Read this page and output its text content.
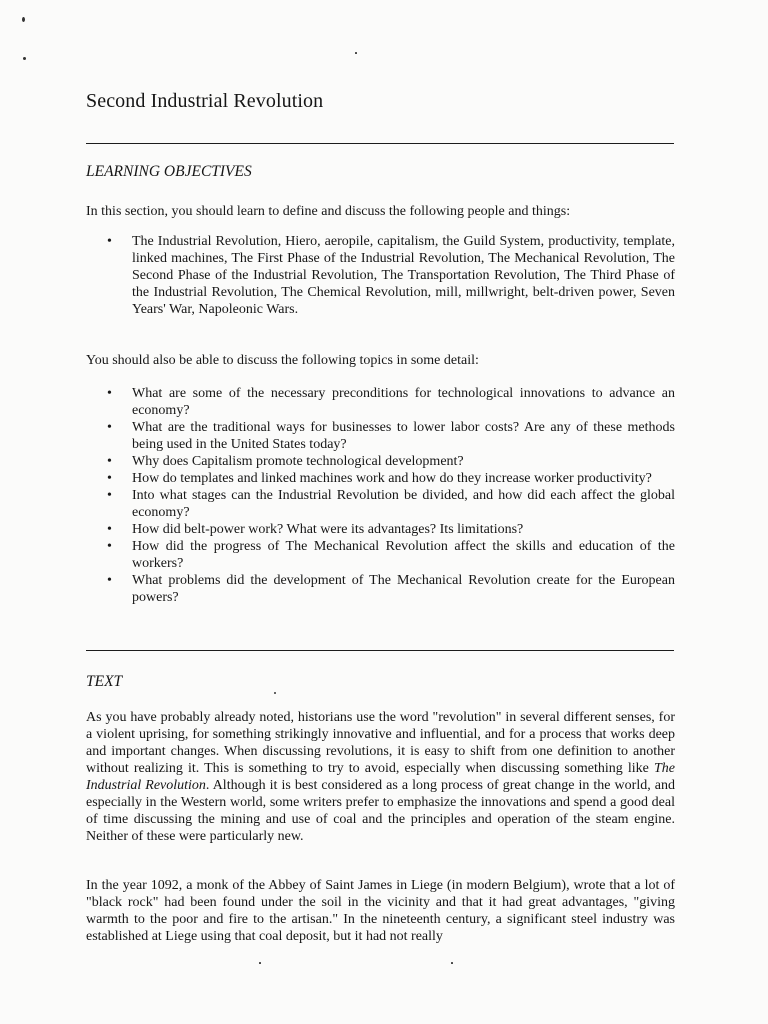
Second Industrial Revolution
LEARNING OBJECTIVES

In this section, you should learn to define and discuss the following people and things:

• The Industrial Revolution, Hiero, aeropile, capitalism, the Guild System, productivity, template, linked machines, The First Phase of the Industrial Revolution, The Mechanical Revolution, The Second Phase of the Industrial Revolution, The Transportation Revolution, The Third Phase of the Industrial Revolution, The Chemical Revolution, mill, millwright, belt-driven power, Seven Years' War, Napoleonic Wars.

You should also be able to discuss the following topics in some detail:

• What are some of the necessary preconditions for technological innovations to advance an economy?
• What are the traditional ways for businesses to lower labor costs? Are any of these methods being used in the United States today?
• Why does Capitalism promote technological development?
• How do templates and linked machines work and how do they increase worker productivity?
• Into what stages can the Industrial Revolution be divided, and how did each affect the global economy?
• How did belt-power work? What were its advantages? Its limitations?
• How did the progress of The Mechanical Revolution affect the skills and education of the workers?
• What problems did the development of The Mechanical Revolution create for the European powers?
TEXT

As you have probably already noted, historians use the word "revolution" in several different senses, for a violent uprising, for something strikingly innovative and influential, and for a process that works deep and important changes. When discussing revolutions, it is easy to shift from one definition to another without realizing it. This is something to try to avoid, especially when discussing something like The Industrial Revolution. Although it is best considered as a long process of great change in the world, and especially in the Western world, some writers prefer to emphasize the innovations and spend a good deal of time discussing the mining and use of coal and the principles and operation of the steam engine. Neither of these were particularly new.

In the year 1092, a monk of the Abbey of Saint James in Liege (in modern Belgium), wrote that a lot of "black rock" had been found under the soil in the vicinity and that it had great advantages, "giving warmth to the poor and fire to the artisan." In the nineteenth century, a significant steel industry was established at Liege using that coal deposit, but it had not really
